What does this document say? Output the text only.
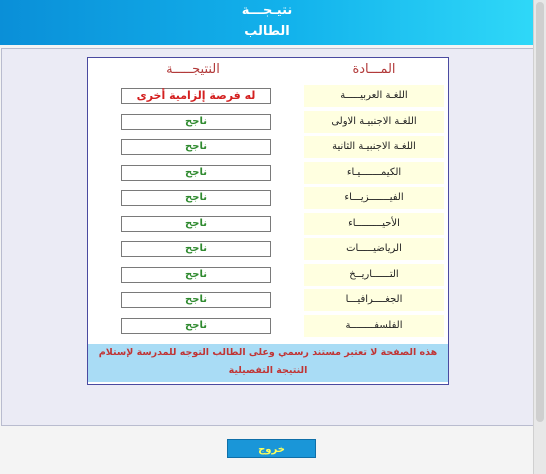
نتيـجـــة
الطالب
المـــادة
النتيجـــــة
اللغـة العربيـــــة
له فرصة إلزامية أخرى
اللغـة الاجنبيـة الاولى
ناجح
اللغـة الاجنبيـة الثانية
ناجح
الكيمـــــــيـاء
ناجح
الفيـــــــزيـــاء
ناجح
الأحيـــــــــاء
ناجح
الرياضيـــــات
ناجح
التــــــاريــخ
ناجح
الجغــــرافيـــا
ناجح
الفلسفــــــــة
ناجح
هذه الصفحة لا تعتبر مستند رسمي وعلى الطالب التوجه للمدرسة لإستلام النتيجة التفصيلية
خروج
